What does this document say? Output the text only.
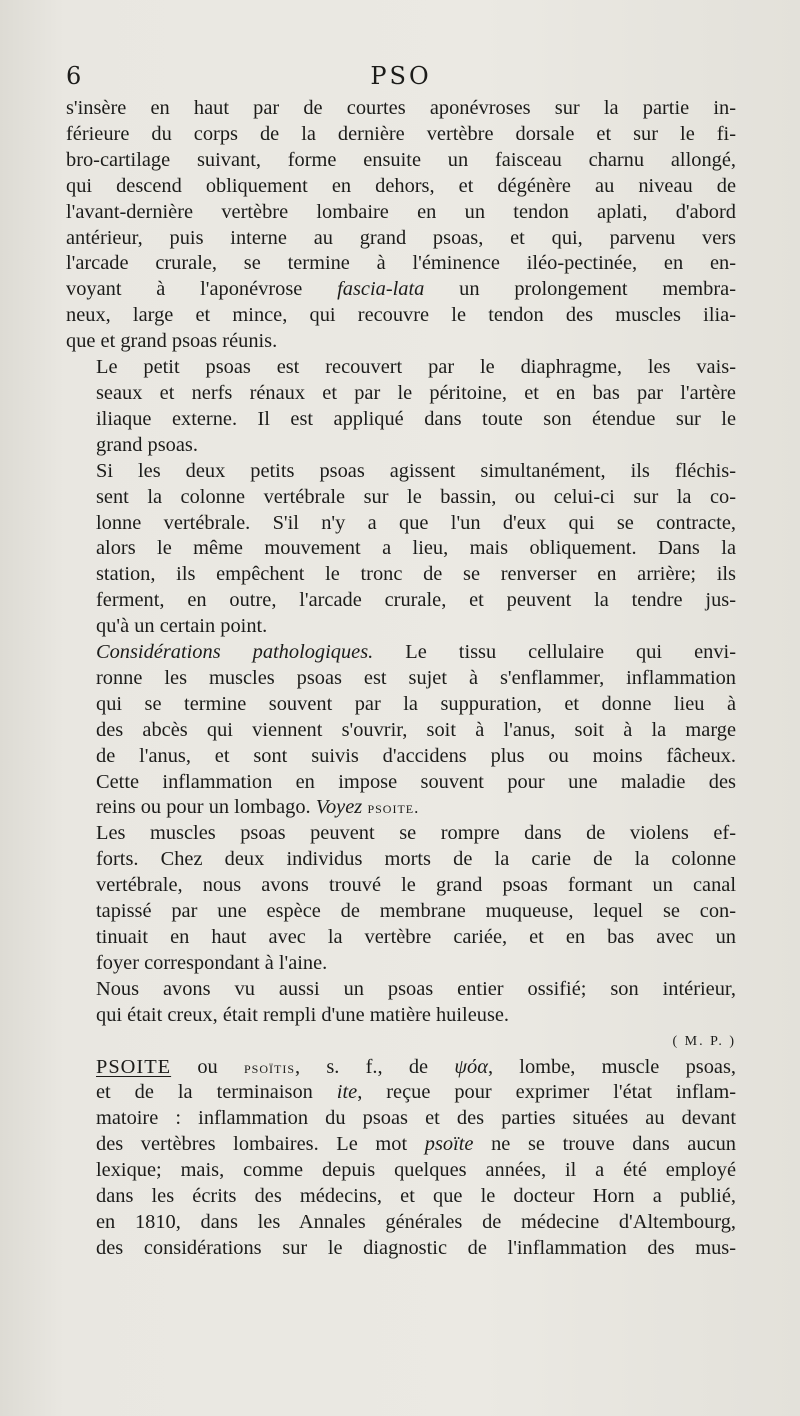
6	PSO

s'insère en haut par de courtes aponévroses sur la partie in-
férieure du corps de la dernière vertèbre dorsale et sur le fi-
bro-cartilage suivant, forme ensuite un faisceau charnu allongé,
qui descend obliquement en dehors, et dégénère au niveau de
l'avant-dernière vertèbre lombaire en un tendon aplati, d'abord
antérieur, puis interne au grand psoas, et qui, parvenu vers
l'arcade crurale, se termine à l'éminence iléo-pectinée, en en-
voyant à l'aponévrose fascia-lata un prolongement membra-
neux, large et mince, qui recouvre le tendon des muscles ilia-
que et grand psoas réunis.

Le petit psoas est recouvert par le diaphragme, les vais-
seaux et nerfs rénaux et par le péritoine, et en bas par l'artère
iliaque externe. Il est appliqué dans toute son étendue sur le
grand psoas.

Si les deux petits psoas agissent simultanément, ils fléchis-
sent la colonne vertébrale sur le bassin, ou celui-ci sur la co-
lonne vertébrale. S'il n'y a que l'un d'eux qui se contracte,
alors le même mouvement a lieu, mais obliquement. Dans la
station, ils empêchent le tronc de se renverser en arrière; ils
ferment, en outre, l'arcade crurale, et peuvent la tendre jus-
qu'à un certain point.

Considérations pathologiques. Le tissu cellulaire qui envi-
ronne les muscles psoas est sujet à s'enflammer, inflammation
qui se termine souvent par la suppuration, et donne lieu à
des abcès qui viennent s'ouvrir, soit à l'anus, soit à la marge
de l'anus, et sont suivis d'accidens plus ou moins fâcheux.
Cette inflammation en impose souvent pour une maladie des
reins ou pour un lombago. Voyez psoite.

Les muscles psoas peuvent se rompre dans de violens ef-
forts. Chez deux individus morts de la carie de la colonne
vertébrale, nous avons trouvé le grand psoas formant un canal
tapissé par une espèce de membrane muqueuse, lequel se con-
tinuait en haut avec la vertèbre cariée, et en bas avec un
foyer correspondant à l'aine.

Nous avons vu aussi un psoas entier ossifié; son intérieur,
qui était creux, était rempli d'une matière huileuse.
( M. P. )

PSOITE ou psoïtis, s. f., de ψόα, lombe, muscle psoas,
et de la terminaison ite, reçue pour exprimer l'état inflam-
matoire : inflammation du psoas et des parties situées au devant
des vertèbres lombaires. Le mot psoïte ne se trouve dans aucun
lexique; mais, comme depuis quelques années, il a été employé
dans les écrits des médecins, et que le docteur Horn a publié,
en 1810, dans les Annales générales de médecine d'Altembourg,
des considérations sur le diagnostic de l'inflammation des mus-
